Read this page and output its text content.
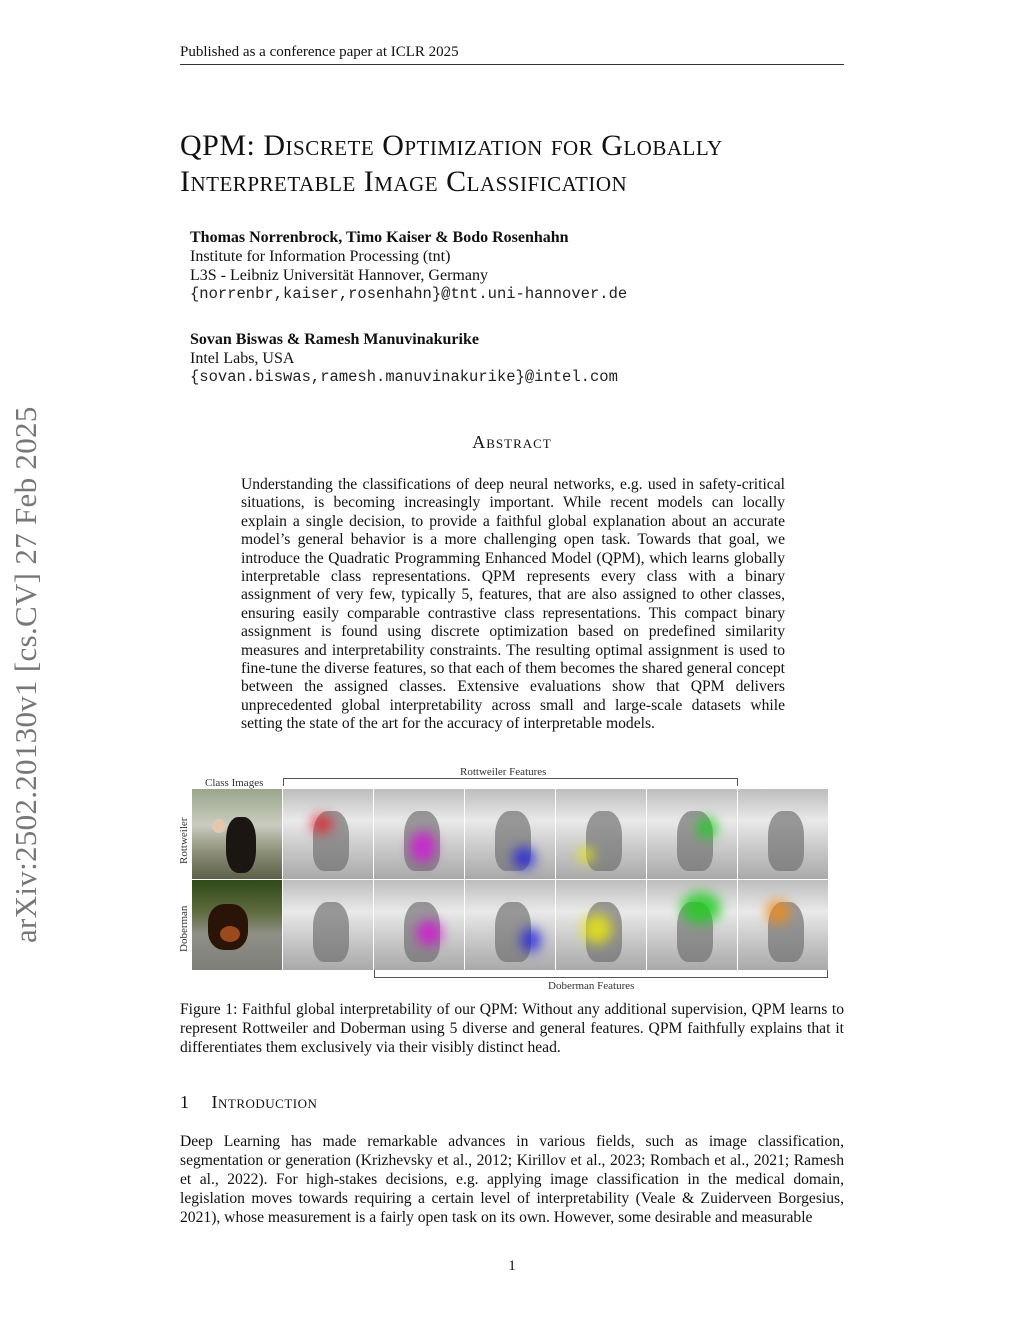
Published as a conference paper at ICLR 2025
arXiv:2502.20130v1 [cs.CV] 27 Feb 2025
QPM: Discrete Optimization for Globally
Interpretable Image Classification
Thomas Norrenbrock, Timo Kaiser & Bodo Rosenhahn
Institute for Information Processing (tnt)
L3S - Leibniz Universität Hannover, Germany
{norrenbr,kaiser,rosenhahn}@tnt.uni-hannover.de
Sovan Biswas & Ramesh Manuvinakurike
Intel Labs, USA
{sovan.biswas,ramesh.manuvinakurike}@intel.com
Abstract
Understanding the classifications of deep neural networks, e.g. used in safety-critical situations, is becoming increasingly important. While recent models can locally explain a single decision, to provide a faithful global explanation about an accurate model’s general behavior is a more challenging open task. Towards that goal, we introduce the Quadratic Programming Enhanced Model (QPM), which learns globally interpretable class representations. QPM represents every class with a binary assignment of very few, typically 5, features, that are also assigned to other classes, ensuring easily comparable contrastive class representations. This compact binary assignment is found using discrete optimization based on predefined similarity measures and interpretability constraints. The resulting optimal assignment is used to fine-tune the diverse features, so that each of them becomes the shared general concept between the assigned classes. Extensive evaluations show that QPM delivers unprecedented global interpretability across small and large-scale datasets while setting the state of the art for the accuracy of interpretable models.
Rottweiler Features
Class Images
Doberman Features
Rottweiler
Doberman
Figure 1: Faithful global interpretability of our QPM: Without any additional supervision, QPM learns to represent Rottweiler and Doberman using 5 diverse and general features. QPM faithfully explains that it differentiates them exclusively via their visibly distinct head.
1 Introduction
Deep Learning has made remarkable advances in various fields, such as image classification, segmentation or generation (Krizhevsky et al., 2012; Kirillov et al., 2023; Rombach et al., 2021; Ramesh et al., 2022). For high-stakes decisions, e.g. applying image classification in the medical domain, legislation moves towards requiring a certain level of interpretability (Veale & Zuiderveen Borgesius, 2021), whose measurement is a fairly open task on its own. However, some desirable and measurable
1
